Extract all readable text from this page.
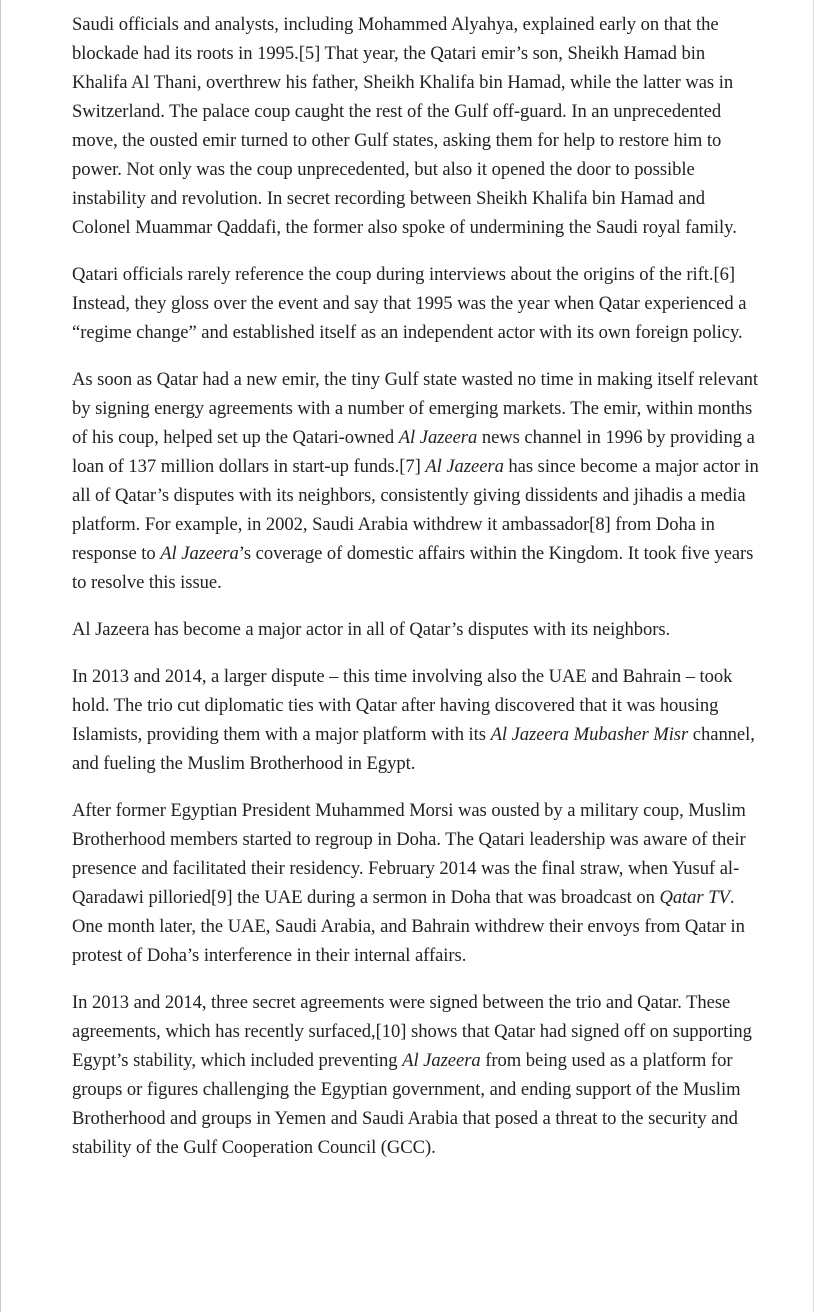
Saudi officials and analysts, including Mohammed Alyahya, explained early on that the blockade had its roots in 1995.[5] That year, the Qatari emir’s son, Sheikh Hamad bin Khalifa Al Thani, overthrew his father, Sheikh Khalifa bin Hamad, while the latter was in Switzerland. The palace coup caught the rest of the Gulf off-guard. In an unprecedented move, the ousted emir turned to other Gulf states, asking them for help to restore him to power. Not only was the coup unprecedented, but also it opened the door to possible instability and revolution. In secret recording between Sheikh Khalifa bin Hamad and Colonel Muammar Qaddafi, the former also spoke of undermining the Saudi royal family.

Qatari officials rarely reference the coup during interviews about the origins of the rift.[6] Instead, they gloss over the event and say that 1995 was the year when Qatar experienced a “regime change” and established itself as an independent actor with its own foreign policy.

As soon as Qatar had a new emir, the tiny Gulf state wasted no time in making itself relevant by signing energy agreements with a number of emerging markets. The emir, within months of his coup, helped set up the Qatari-owned Al Jazeera news channel in 1996 by providing a loan of 137 million dollars in start-up funds.[7] Al Jazeera has since become a major actor in all of Qatar’s disputes with its neighbors, consistently giving dissidents and jihadis a media platform. For example, in 2002, Saudi Arabia withdrew it ambassador[8] from Doha in response to Al Jazeera’s coverage of domestic affairs within the Kingdom. It took five years to resolve this issue.

Al Jazeera has become a major actor in all of Qatar’s disputes with its neighbors.

In 2013 and 2014, a larger dispute – this time involving also the UAE and Bahrain – took hold. The trio cut diplomatic ties with Qatar after having discovered that it was housing Islamists, providing them with a major platform with its Al Jazeera Mubasher Misr channel, and fueling the Muslim Brotherhood in Egypt.

After former Egyptian President Muhammed Morsi was ousted by a military coup, Muslim Brotherhood members started to regroup in Doha. The Qatari leadership was aware of their presence and facilitated their residency. February 2014 was the final straw, when Yusuf al-Qaradawi pilloried[9] the UAE during a sermon in Doha that was broadcast on Qatar TV. One month later, the UAE, Saudi Arabia, and Bahrain withdrew their envoys from Qatar in protest of Doha’s interference in their internal affairs.

In 2013 and 2014, three secret agreements were signed between the trio and Qatar. These agreements, which has recently surfaced,[10] shows that Qatar had signed off on supporting Egypt’s stability, which included preventing Al Jazeera from being used as a platform for groups or figures challenging the Egyptian government, and ending support of the Muslim Brotherhood and groups in Yemen and Saudi Arabia that posed a threat to the security and stability of the Gulf Cooperation Council (GCC).
